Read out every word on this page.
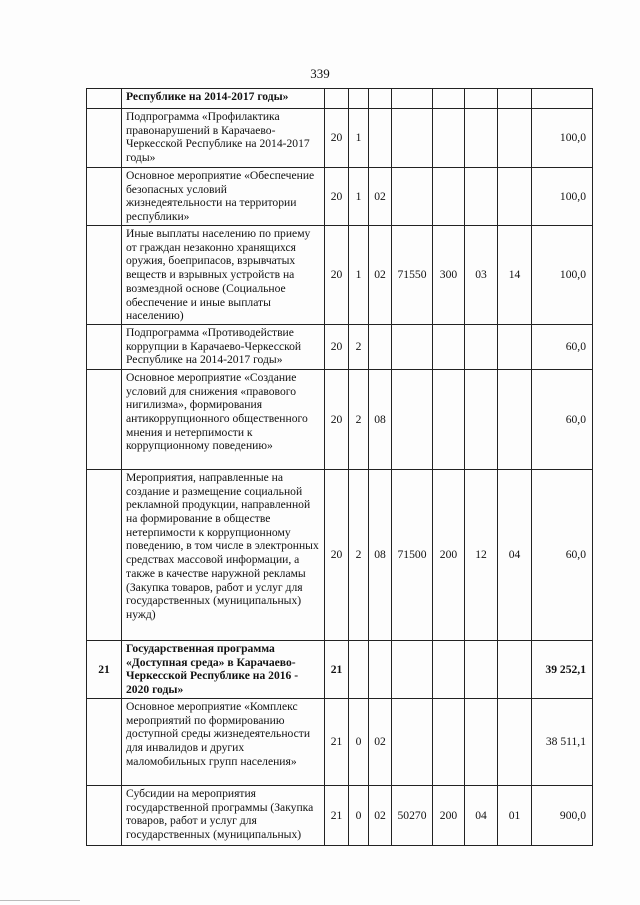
339
	Республике на 2014-2017 годы»								
	Подпрограмма «Профилактика правонарушений в Карачаево-Черкесской Республике на 2014-2017 годы»	20	1						100,0
	Основное мероприятие «Обеспечение безопасных условий жизнедеятельности на территории республики»	20	1	02					100,0
	Иные выплаты населению по приему от граждан незаконно хранящихся оружия, боеприпасов, взрывчатых веществ и взрывных устройств на возмездной основе (Социальное обеспечение и иные выплаты населению)	20	1	02	71550	300	03	14	100,0
	Подпрограмма «Противодействие коррупции в Карачаево-Черкесской Республике на 2014-2017 годы»	20	2						60,0
	Основное мероприятие «Создание условий для снижения «правового нигилизма», формирования антикоррупционного общественного мнения и нетерпимости к коррупционному поведению»	20	2	08					60,0
	Мероприятия, направленные на создание и размещение социальной рекламной продукции, направленной на формирование в обществе нетерпимости к коррупционному поведению, в том числе в электронных средствах массовой информации, а также в качестве наружной рекламы (Закупка товаров, работ и услуг для государственных (муниципальных) нужд)	20	2	08	71500	200	12	04	60,0
21	Государственная программа «Доступная среда» в Карачаево-Черкесской Республике на 2016 - 2020 годы»	21							39 252,1
	Основное мероприятие «Комплекс мероприятий по формированию доступной среды жизнедеятельности для инвалидов и других маломобильных групп населения»	21	0	02					38 511,1
	Субсидии на мероприятия государственной программы (Закупка товаров, работ и услуг для государственных (муниципальных)	21	0	02	50270	200	04	01	900,0
